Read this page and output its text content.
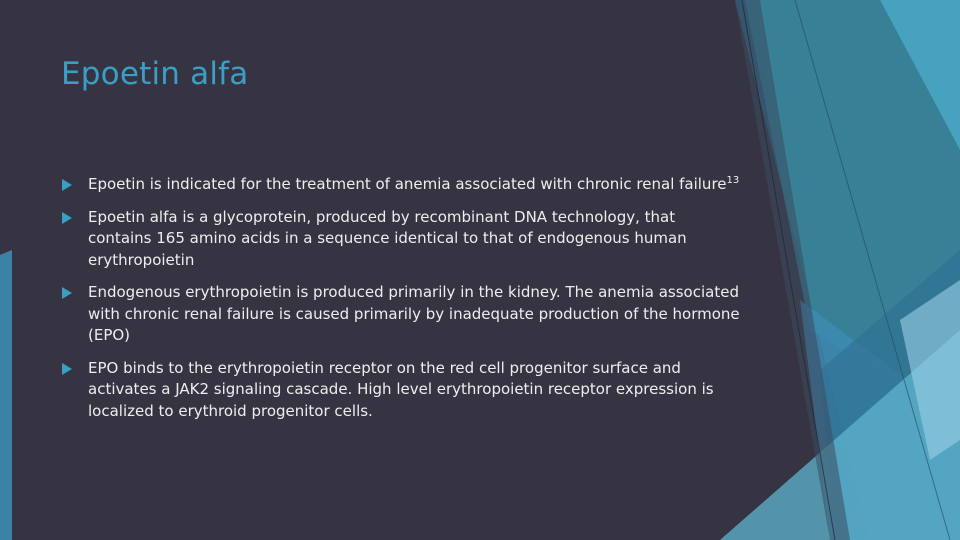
Epoetin alfa
Epoetin is indicated for the treatment of anemia associated with chronic renal failure$^{13}$
Epoetin alfa is a glycoprotein, produced by recombinant DNA technology, that contains 165 amino acids in a sequence identical to that of endogenous human erythropoietin
Endogenous erythropoietin is produced primarily in the kidney. The anemia associated with chronic renal failure is caused primarily by inadequate production of the hormone (EPO)
EPO binds to the erythropoietin receptor on the red cell progenitor surface and activates a JAK2 signaling cascade. High level erythropoietin receptor expression is localized to erythroid progenitor cells.
